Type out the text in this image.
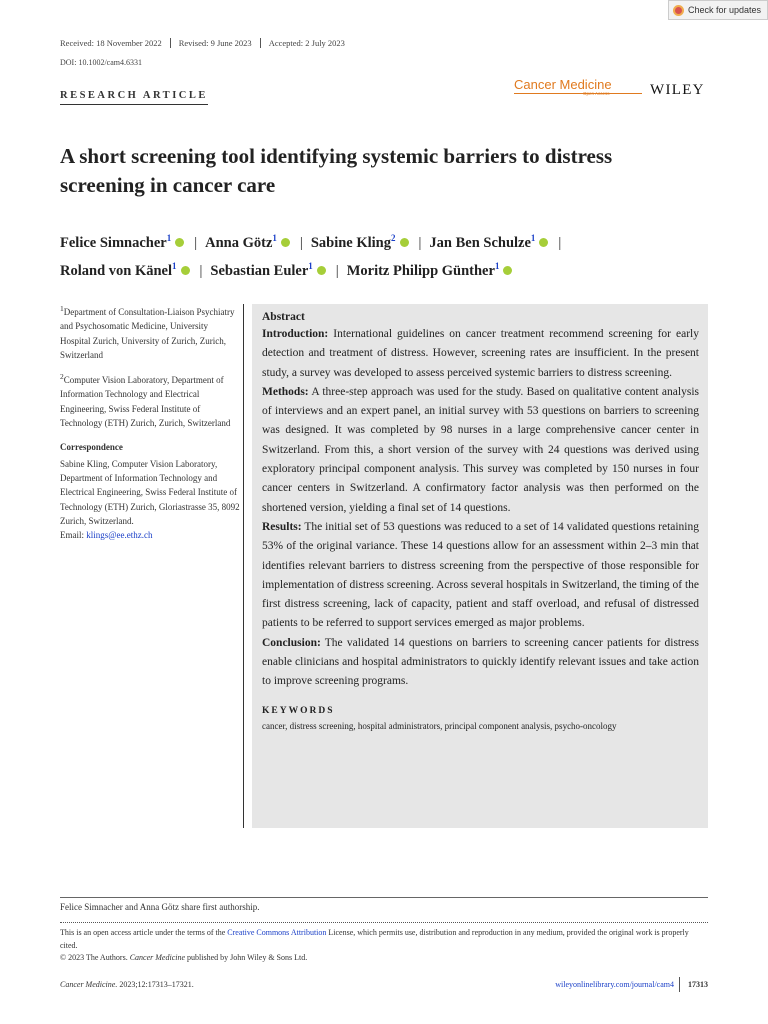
Check for updates
Received: 18 November 2022	Revised: 9 June 2023	Accepted: 2 July 2023
DOI: 10.1002/cam4.6331
RESEARCH ARTICLE
Cancer Medicine	WILEY
A short screening tool identifying systemic barriers to distress screening in cancer care
Felice Simnacher$^1$ | Anna Götz$^1$ | Sabine Kling$^2$ | Jan Ben Schulze$^1$ |
Roland von Känel$^1$ | Sebastian Euler$^1$ | Moritz Philipp Günther$^1$

$^1$Department of Consultation-Liaison Psychiatry and Psychosomatic Medicine, University Hospital Zurich, University of Zurich, Zurich, Switzerland

$^2$Computer Vision Laboratory, Department of Information Technology and Electrical Engineering, Swiss Federal Institute of Technology (ETH) Zurich, Zurich, Switzerland

Correspondence
Sabine Kling, Computer Vision Laboratory, Department of Information Technology and Electrical Engineering, Swiss Federal Institute of Technology (ETH) Zurich, Gloriastrasse 35, 8092 Zurich, Switzerland.
Email: klings@ee.ethz.ch
Abstract

Introduction: International guidelines on cancer treatment recommend screening for early detection and treatment of distress. However, screening rates are insufficient. In the present study, a survey was developed to assess perceived systemic barriers to distress screening.

Methods: A three-step approach was used for the study. Based on qualitative content analysis of interviews and an expert panel, an initial survey with 53 questions on barriers to screening was designed. It was completed by 98 nurses in a large comprehensive cancer center in Switzerland. From this, a short version of the survey with 24 questions was derived using exploratory principal component analysis. This survey was completed by 150 nurses in four cancer centers in Switzerland. A confirmatory factor analysis was then performed on the shortened version, yielding a final set of 14 questions.

Results: The initial set of 53 questions was reduced to a set of 14 validated questions retaining 53% of the original variance. These 14 questions allow for an assessment within 2–3 min that identifies relevant barriers to distress screening from the perspective of those responsible for implementation of distress screening. Across several hospitals in Switzerland, the timing of the first distress screening, lack of capacity, patient and staff overload, and refusal of distressed patients to be referred to support services emerged as major problems.

Conclusion: The validated 14 questions on barriers to screening cancer patients for distress enable clinicians and hospital administrators to quickly identify relevant issues and take action to improve screening programs.

KEYWORDS
cancer, distress screening, hospital administrators, principal component analysis, psycho-oncology
Felice Simnacher and Anna Götz share first authorship.
This is an open access article under the terms of the Creative Commons Attribution License, which permits use, distribution and reproduction in any medium, provided the original work is properly cited.
© 2023 The Authors. Cancer Medicine published by John Wiley & Sons Ltd.
Cancer Medicine. 2023;12:17313–17321.	wileyonlinelibrary.com/journal/cam4	17313
